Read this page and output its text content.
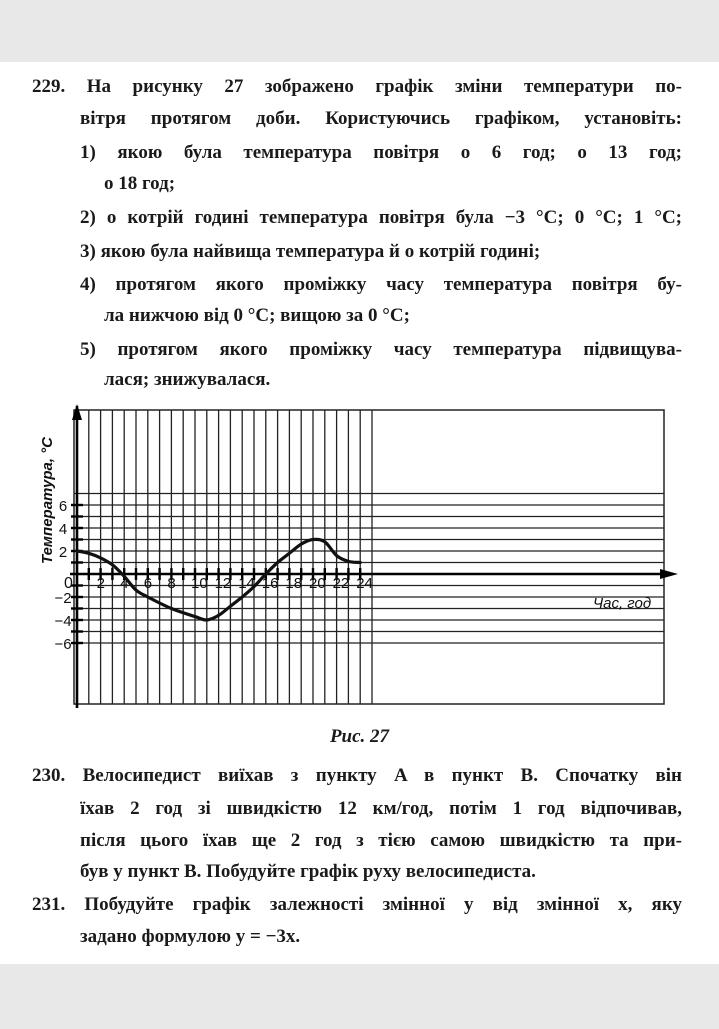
229. На рисунку 27 зображено графік зміни температури по-
вітря протягом доби. Користуючись графіком, установіть:
1) якою була температура повітря о 6 год; о 13 год;
о 18 год;
2) о котрій годині температура повітря була −3 °С; 0 °С; 1 °С;
3) якою була найвища температура й о котрій годині;
4) протягом якого проміжку часу температура повітря бу-
ла нижчою від 0 °С; вищою за 0 °С;
5) протягом якого проміжку часу температура підвищува-
лася; знижувалася.
2 4 6 8 10 12 14 16 18 20 22 24
6
4
2
−2
−4
−6
Температура, °С
Час, год
0
Рис. 27
230. Велосипедист виїхав з пункту A в пункт B. Спочатку він
їхав 2 год зі швидкістю 12 км/год, потім 1 год відпочивав,
після цього їхав ще 2 год з тією самою швидкістю та при-
був у пункт B. Побудуйте графік руху велосипедиста.
231. Побудуйте графік залежності змінної y від змінної x, яку
задано формулою y = −3x.
